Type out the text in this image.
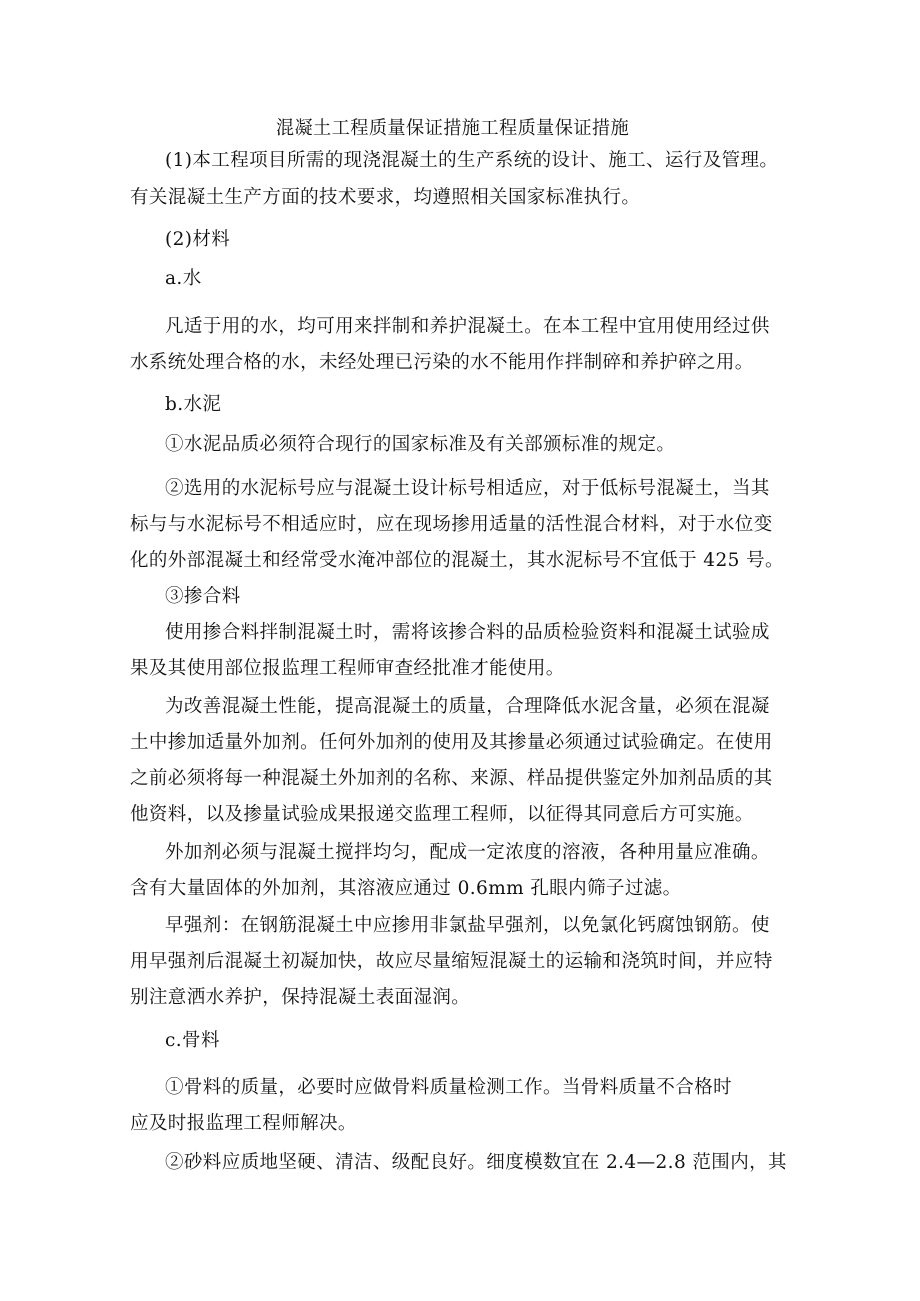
混凝土工程质量保证措施工程质量保证措施
(1)本工程项目所需的现浇混凝土的生产系统的设计、施工、运行及管理。
有关混凝土生产方面的技术要求，均遵照相关国家标准执行。
(2)材料
a.水
凡适于用的水，均可用来拌制和养护混凝土。在本工程中宜用使用经过供
水系统处理合格的水，未经处理已污染的水不能用作拌制碎和养护碎之用。
b.水泥
①水泥品质必须符合现行的国家标准及有关部颁标准的规定。
②选用的水泥标号应与混凝土设计标号相适应，对于低标号混凝土，当其
标与与水泥标号不相适应时，应在现场掺用适量的活性混合材料，对于水位变
化的外部混凝土和经常受水淹冲部位的混凝土，其水泥标号不宜低于 425 号。
③掺合料
使用掺合料拌制混凝土时，需将该掺合料的品质检验资料和混凝土试验成
果及其使用部位报监理工程师审查经批准才能使用。
为改善混凝土性能，提高混凝土的质量，合理降低水泥含量，必须在混凝
土中掺加适量外加剂。任何外加剂的使用及其掺量必须通过试验确定。在使用
之前必须将每一种混凝土外加剂的名称、来源、样品提供鉴定外加剂品质的其
他资料，以及掺量试验成果报递交监理工程师，以征得其同意后方可实施。
外加剂必须与混凝土搅拌均匀，配成一定浓度的溶液，各种用量应准确。
含有大量固体的外加剂，其溶液应通过 0.6mm 孔眼内筛子过滤。
早强剂：在钢筋混凝土中应掺用非氯盐早强剂，以免氯化钙腐蚀钢筋。使
用早强剂后混凝土初凝加快，故应尽量缩短混凝土的运输和浇筑时间，并应特
别注意洒水养护，保持混凝土表面湿润。
c.骨料
①骨料的质量，必要时应做骨料质量检测工作。当骨料质量不合格时
应及时报监理工程师解决。
②砂料应质地坚硬、清洁、级配良好。细度模数宜在 2.4—2.8 范围内，其
